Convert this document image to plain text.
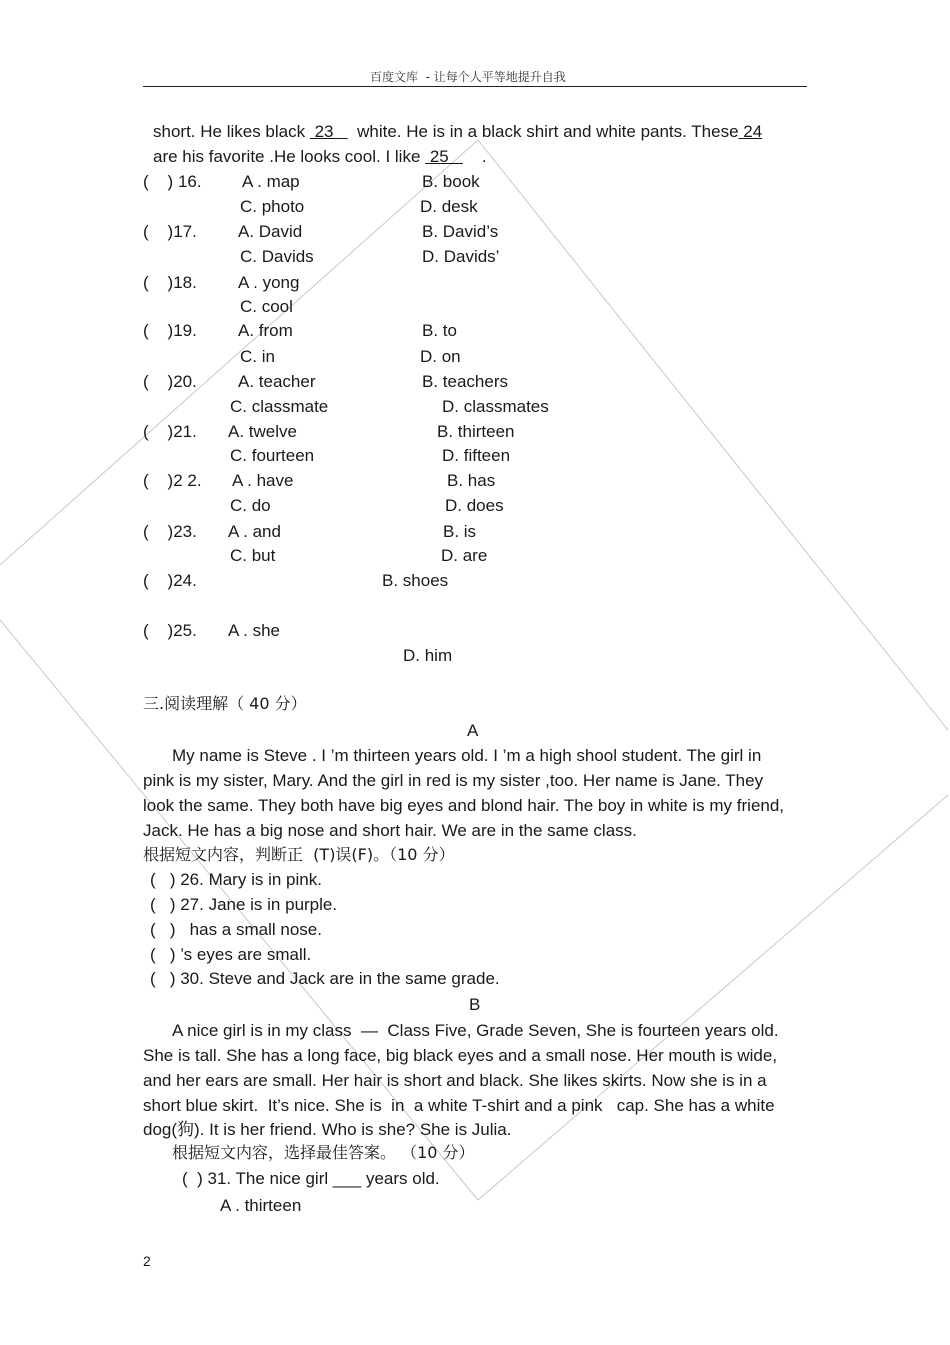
百度文库  - 让每个人平等地提升自我
short. He likes black  23     white. He is in a black shirt and white pants. These 24
are his favorite .He looks cool. I like  25       .
(    ) 16. A . map	B. book
C. photo	D. desk
(    )17. A. David	B. David’s
C. Davids	D. Davids’
(    )18. A . yong
C. cool
(    )19. A. from	B. to
C. in	D. on
(    )20. A. teacher	B. teachers
C. classmate	D. classmates
(    )21. A. twelve	B. thirteen
C. fourteen	D. fifteen
(    )2 2. A . have	B. has
C. do	D. does
(    )23. A . and	B. is
C. but	D. are
(    )24.	B. shoes
(    )25. A . she
D. him
三.阅读理解（ 40 分）
A
My name is Steve . I ’m thirteen years old. I ’m a high shool student. The girl in
pink is my sister, Mary. And the girl in red is my sister ,too. Her name is Jane. They
look the same. They both have big eyes and blond hair. The boy in white is my friend,
Jack. He has a big nose and short hair. We are in the same class.
根据短文内容，判断正  (T)误(F)。（10 分）
(   ) 26. Mary is in pink.
(   ) 27. Jane is in purple.
(   )   has a small nose.
(   ) ’s eyes are small.
(   ) 30. Steve and Jack are in the same grade.
B
A nice girl is in my class  —  Class Five, Grade Seven, She is fourteen years old.
She is tall. She has a long face, big black eyes and a small nose. Her mouth is wide,
and her ears are small. Her hair is short and black. She likes skirts. Now she is in a
short blue skirt.  It’s nice. She is  in  a white T-shirt and a pink   cap. She has a white
dog(狗). It is her friend. Who is she? She is Julia.
根据短文内容，选择最佳答案。 （10 分）
(  ) 31. The nice girl ___ years old.
A . thirteen
2
